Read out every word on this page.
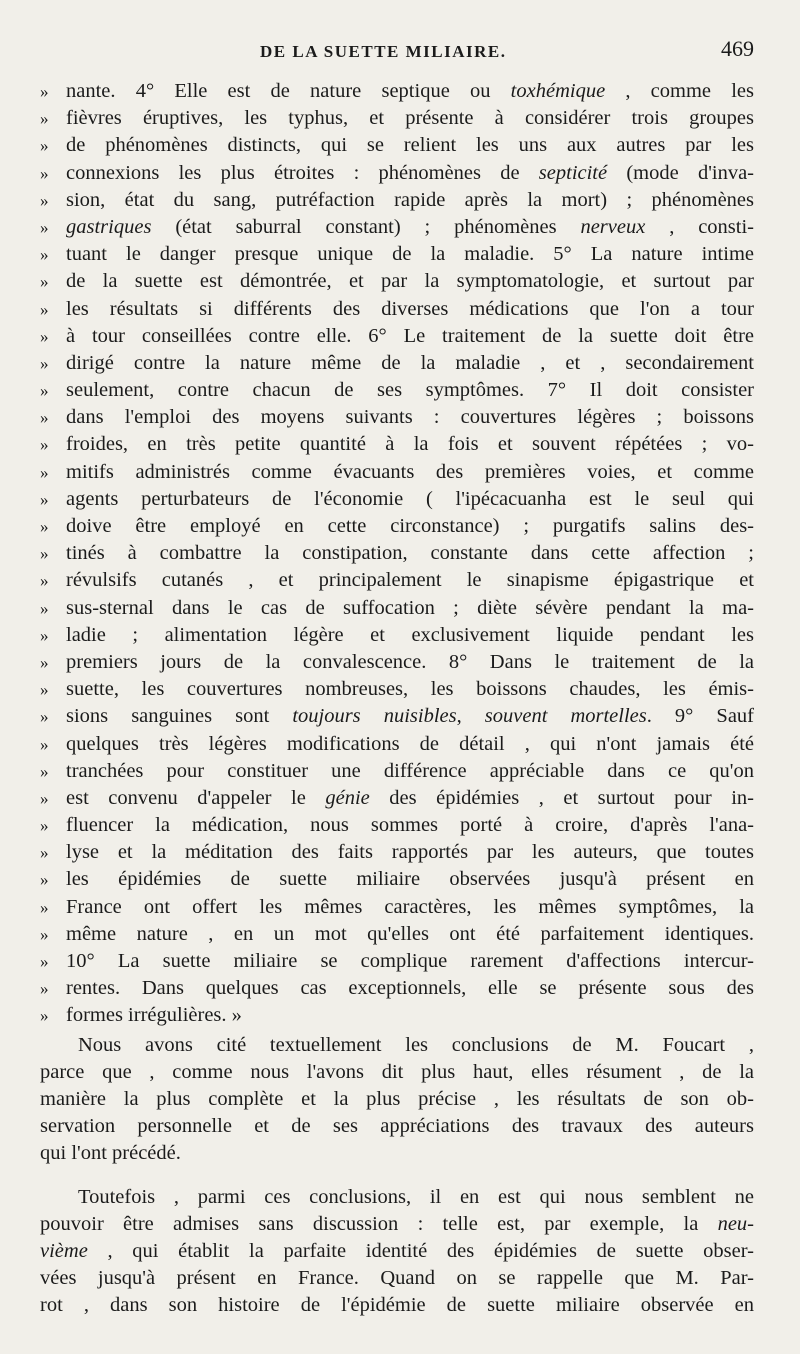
DE LA SUETTE MILIAIRE.	469
» nante. 4° Elle est de nature septique ou toxhémique , comme les
» fièvres éruptives, les typhus, et présente à considérer trois groupes
» de phénomènes distincts, qui se relient les uns aux autres par les
» connexions les plus étroites : phénomènes de septicité (mode d'inva-
» sion, état du sang, putréfaction rapide après la mort) ; phénomènes
» gastriques (état saburral constant) ; phénomènes nerveux , consti-
» tuant le danger presque unique de la maladie. 5° La nature intime
» de la suette est démontrée, et par la symptomatologie, et surtout par
» les résultats si différents des diverses médications que l'on a tour
» à tour conseillées contre elle. 6° Le traitement de la suette doit être
» dirigé contre la nature même de la maladie , et , secondairement
» seulement, contre chacun de ses symptômes. 7° Il doit consister
» dans l'emploi des moyens suivants : couvertures légères ; boissons
» froides, en très petite quantité à la fois et souvent répétées ; vo-
» mitifs administrés comme évacuants des premières voies, et comme
» agents perturbateurs de l'économie ( l'ipécacuanha est le seul qui
» doive être employé en cette circonstance) ; purgatifs salins des-
» tinés à combattre la constipation, constante dans cette affection ;
» révulsifs cutanés , et principalement le sinapisme épigastrique et
» sus-sternal dans le cas de suffocation ; diète sévère pendant la ma-
» ladie ; alimentation légère et exclusivement liquide pendant les
» premiers jours de la convalescence. 8° Dans le traitement de la
» suette, les couvertures nombreuses, les boissons chaudes, les émis-
» sions sanguines sont toujours nuisibles, souvent mortelles. 9° Sauf
» quelques très légères modifications de détail , qui n'ont jamais été
» tranchées pour constituer une différence appréciable dans ce qu'on
» est convenu d'appeler le génie des épidémies , et surtout pour in-
» fluencer la médication, nous sommes porté à croire, d'après l'ana-
» lyse et la méditation des faits rapportés par les auteurs, que toutes
» les épidémies de suette miliaire observées jusqu'à présent en
» France ont offert les mêmes caractères, les mêmes symptômes, la
» même nature , en un mot qu'elles ont été parfaitement identiques.
» 10° La suette miliaire se complique rarement d'affections intercur-
» rentes. Dans quelques cas exceptionnels, elle se présente sous des
» formes irrégulières. »
Nous avons cité textuellement les conclusions de M. Foucart ,
parce que , comme nous l'avons dit plus haut, elles résument , de la
manière la plus complète et la plus précise , les résultats de son ob-
servation personnelle et de ses appréciations des travaux des auteurs
qui l'ont précédé.
Toutefois , parmi ces conclusions, il en est qui nous semblent ne
pouvoir être admises sans discussion : telle est, par exemple, la neu-
vième , qui établit la parfaite identité des épidémies de suette obser-
vées jusqu'à présent en France. Quand on se rappelle que M. Par-
rot , dans son histoire de l'épidémie de suette miliaire observée en
